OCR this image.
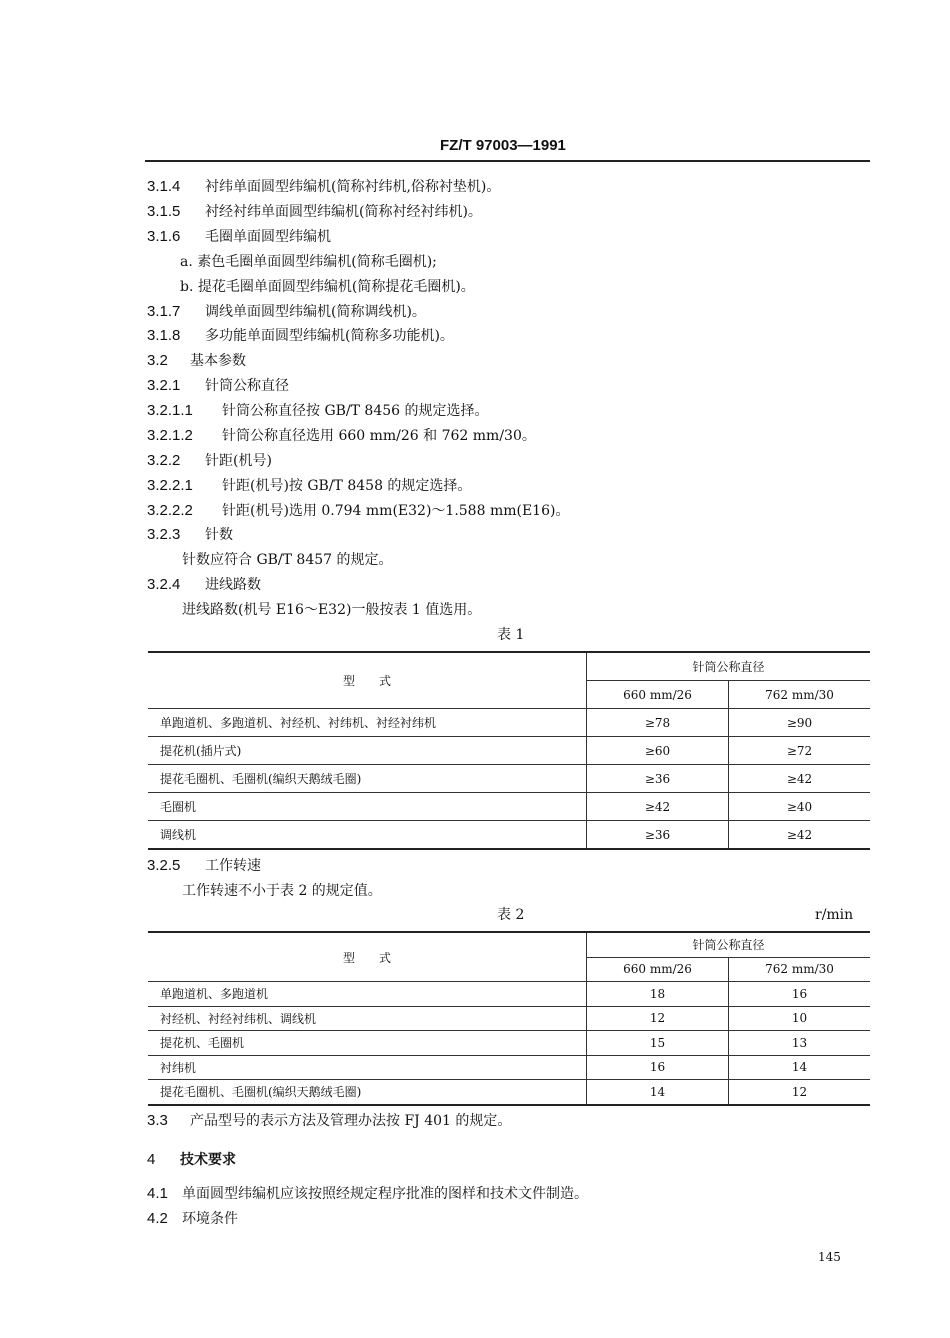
FZ/T 97003—1991
3.1.4 衬纬单面圆型纬编机(简称衬纬机,俗称衬垫机)。
3.1.5 衬经衬纬单面圆型纬编机(简称衬经衬纬机)。
3.1.6 毛圈单面圆型纬编机
a. 素色毛圈单面圆型纬编机(简称毛圈机);
b. 提花毛圈单面圆型纬编机(简称提花毛圈机)。
3.1.7 调线单面圆型纬编机(简称调线机)。
3.1.8 多功能单面圆型纬编机(简称多功能机)。
3.2 基本参数
3.2.1 针筒公称直径
3.2.1.1 针筒公称直径按 GB/T 8456 的规定选择。
3.2.1.2 针筒公称直径选用 660 mm/26 和 762 mm/30。
3.2.2 针距(机号)
3.2.2.1 针距(机号)按 GB/T 8458 的规定选择。
3.2.2.2 针距(机号)选用 0.794 mm(E32)～1.588 mm(E16)。
3.2.3 针数
针数应符合 GB/T 8457 的规定。
3.2.4 进线路数
进线路数(机号 E16～E32)一般按表 1 值选用。
3.2.5 工作转速
工作转速不小于表 2 的规定值。
3.3 产品型号的表示方法及管理办法按 FJ 401 的规定。
4 技术要求
4.1 单面圆型纬编机应该按照经规定程序批准的图样和技术文件制造。
4.2 环境条件
表 1
型　　式	针筒公称直径	
	660 mm/26	762 mm/30
单跑道机、多跑道机、衬经机、衬纬机、衬经衬纬机	≥78	≥90
提花机(插片式)	≥60	≥72
提花毛圈机、毛圈机(编织天鹅绒毛圈)	≥36	≥42
毛圈机	≥42	≥40
调线机	≥36	≥42
表 2	r/min
型　　式	针筒公称直径	
	660 mm/26	762 mm/30
单跑道机、多跑道机	18	16
衬经机、衬经衬纬机、调线机	12	10
提花机、毛圈机	15	13
衬纬机	16	14
提花毛圈机、毛圈机(编织天鹅绒毛圈)	14	12
145
